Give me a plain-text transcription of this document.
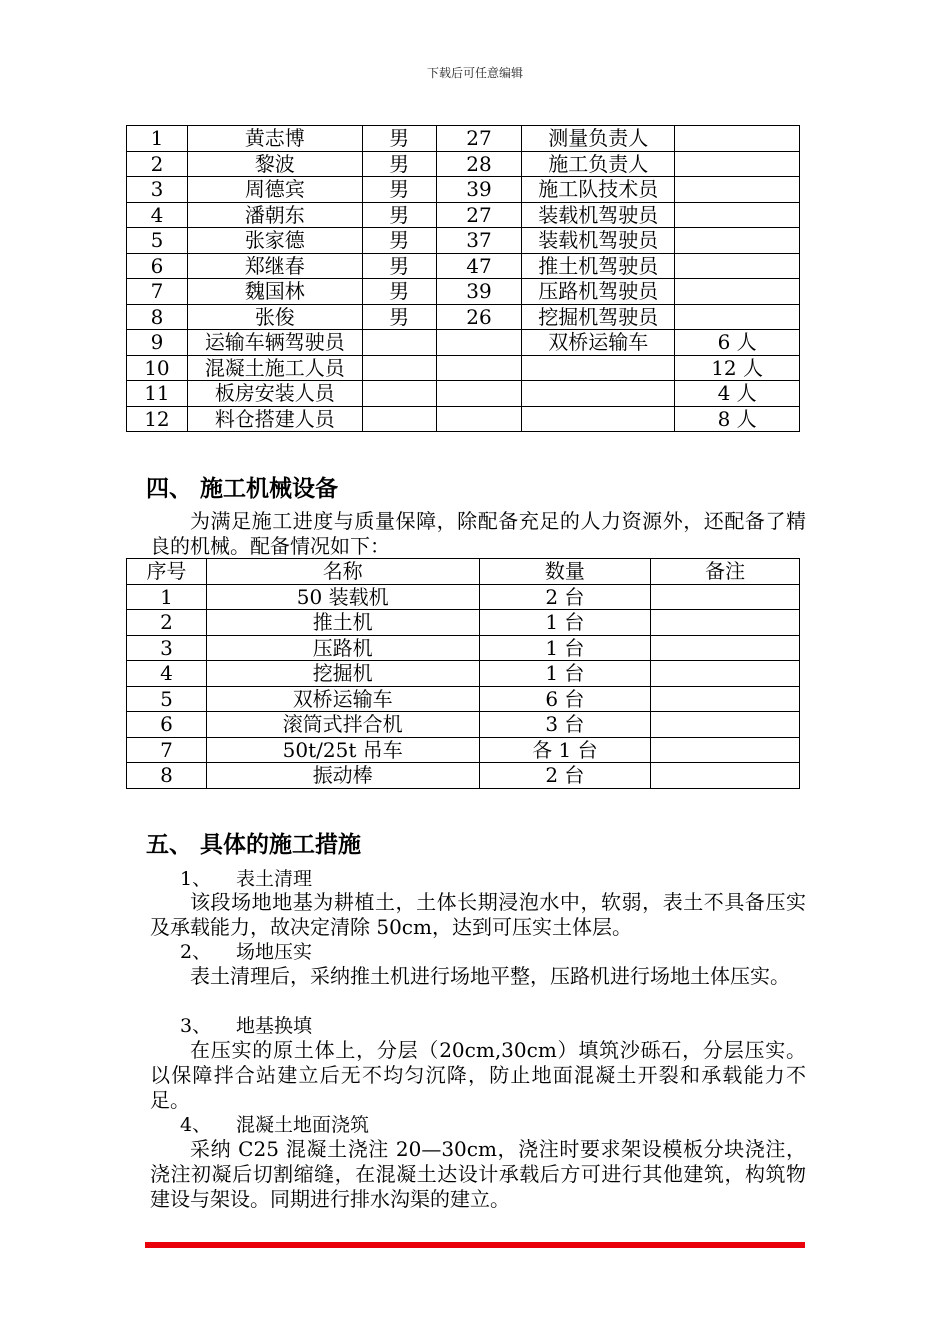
下载后可任意编辑
1	黄志博	男	27	测量负责人	
2	黎波	男	28	施工负责人	
3	周德宾	男	39	施工队技术员	
4	潘朝东	男	27	装载机驾驶员	
5	张家德	男	37	装载机驾驶员	
6	郑继春	男	47	推土机驾驶员	
7	魏国林	男	39	压路机驾驶员	
8	张俊	男	26	挖掘机驾驶员	
9	运输车辆驾驶员			双桥运输车	6 人
10	混凝土施工人员				12 人
11	板房安装人员				4 人
12	料仓搭建人员				8 人
四、 施工机械设备

为满足施工进度与质量保障，除配备充足的人力资源外，还配备了精良的机械。配备情况如下：

序号	名称	数量	备注
1	50 装载机	2 台	
2	推土机	1 台	
3	压路机	1 台	
4	挖掘机	1 台	
5	双桥运输车	6 台	
6	滚筒式拌合机	3 台	
7	50t/25t 吊车	各 1 台	
8	振动棒	2 台	
五、 具体的施工措施
1、 表土清理

该段场地地基为耕植土，土体长期浸泡水中，软弱，表土不具备压实及承载能力，故决定清除 50cm，达到可压实土体层。

2、 场地压实

表土清理后，采纳推土机进行场地平整，压路机进行场地土体压实。

3、 地基换填

在压实的原土体上，分层（20cm,30cm）填筑沙砾石，分层压实。以保障拌合站建立后无不均匀沉降，防止地面混凝土开裂和承载能力不足。

4、 混凝土地面浇筑

采纳 C25 混凝土浇注 20—30cm，浇注时要求架设模板分块浇注，浇注初凝后切割缩缝，在混凝土达设计承载后方可进行其他建筑，构筑物建设与架设。同期进行排水沟渠的建立。
